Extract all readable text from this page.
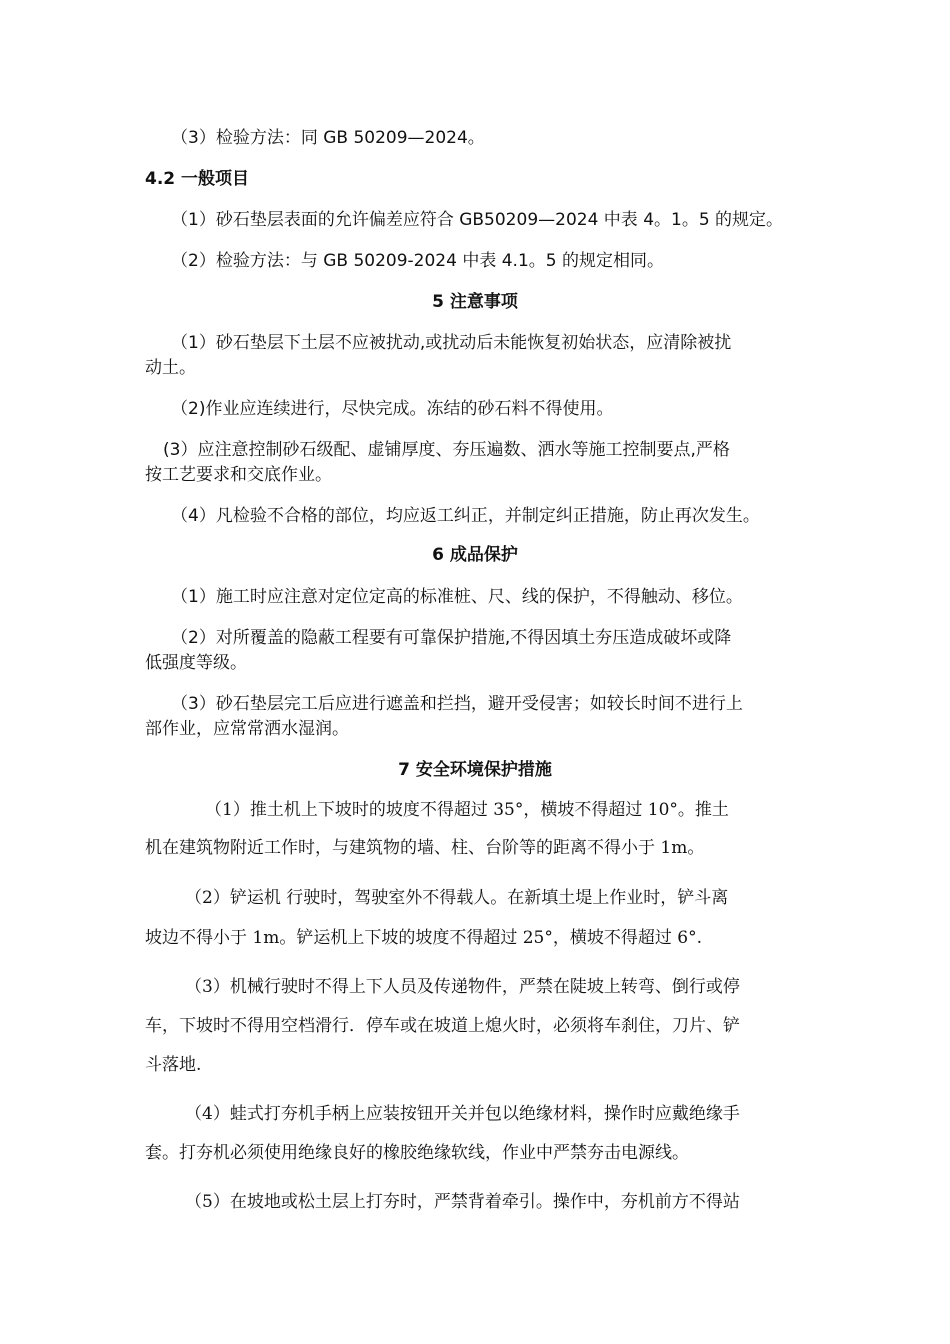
（3）检验方法：同 GB 50209—2024。
4.2 一般项目
（1）砂石垫层表面的允许偏差应符合 GB50209—2024 中表 4。1。5 的规定。
（2）检验方法：与 GB 50209-2024 中表 4.1。5 的规定相同。
5 注意事项
（1）砂石垫层下土层不应被扰动,或扰动后未能恢复初始状态，应清除被扰
动土。
（2)作业应连续进行，尽快完成。冻结的砂石料不得使用。
(3）应注意控制砂石级配、虚铺厚度、夯压遍数、洒水等施工控制要点,严格
按工艺要求和交底作业。
（4）凡检验不合格的部位，均应返工纠正，并制定纠正措施，防止再次发生。
6 成品保护
（1）施工时应注意对定位定高的标准桩、尺、线的保护，不得触动、移位。
（2）对所覆盖的隐蔽工程要有可靠保护措施,不得因填土夯压造成破坏或降
低强度等级。
（3）砂石垫层完工后应进行遮盖和拦挡，避开受侵害；如较长时间不进行上
部作业，应常常洒水湿润。
7 安全环境保护措施
（1）推土机上下坡时的坡度不得超过 35°，横坡不得超过 10°。推土
机在建筑物附近工作时，与建筑物的墙、柱、台阶等的距离不得小于 1m。
（2）铲运机 行驶时，驾驶室外不得载人。在新填土堤上作业时，铲斗离
坡边不得小于 1m。铲运机上下坡的坡度不得超过 25°，横坡不得超过 6°.
（3）机械行驶时不得上下人员及传递物件，严禁在陡坡上转弯、倒行或停
车，下坡时不得用空档滑行．停车或在坡道上熄火时，必须将车刹住，刀片、铲
斗落地.
（4）蛙式打夯机手柄上应装按钮开关并包以绝缘材料，操作时应戴绝缘手
套。打夯机必须使用绝缘良好的橡胶绝缘软线，作业中严禁夯击电源线。
（5）在坡地或松土层上打夯时，严禁背着牵引。操作中，夯机前方不得站
